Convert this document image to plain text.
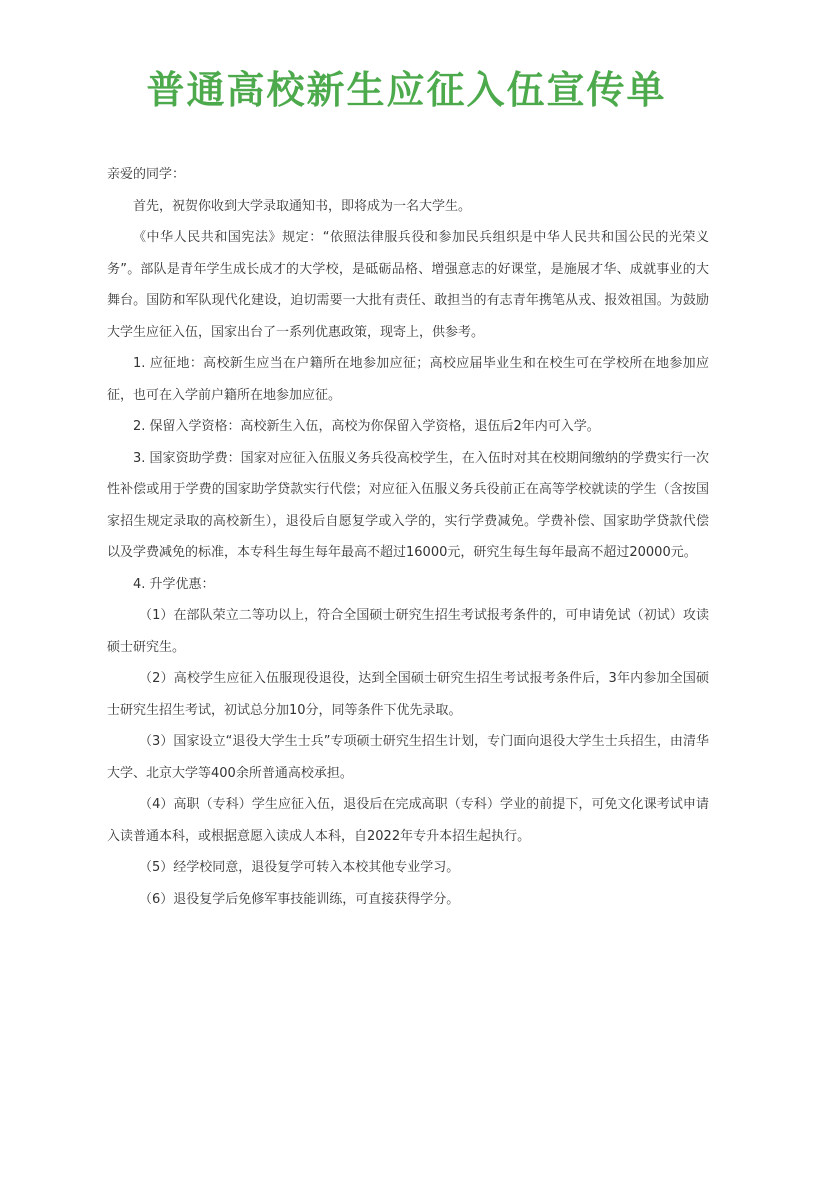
普通高校新生应征入伍宣传单

亲爱的同学：

首先，祝贺你收到大学录取通知书，即将成为一名大学生。

《中华人民共和国宪法》规定：“依照法律服兵役和参加民兵组织是中华人民共和国公民的光荣义务”。部队是青年学生成长成才的大学校，是砥砺品格、增强意志的好课堂，是施展才华、成就事业的大舞台。国防和军队现代化建设，迫切需要一大批有责任、敢担当的有志青年携笔从戎、报效祖国。为鼓励大学生应征入伍，国家出台了一系列优惠政策，现寄上，供参考。

1. 应征地：高校新生应当在户籍所在地参加应征；高校应届毕业生和在校生可在学校所在地参加应征，也可在入学前户籍所在地参加应征。

2. 保留入学资格：高校新生入伍，高校为你保留入学资格，退伍后2年内可入学。

3. 国家资助学费：国家对应征入伍服义务兵役高校学生，在入伍时对其在校期间缴纳的学费实行一次性补偿或用于学费的国家助学贷款实行代偿；对应征入伍服义务兵役前正在高等学校就读的学生（含按国家招生规定录取的高校新生），退役后自愿复学或入学的，实行学费减免。学费补偿、国家助学贷款代偿以及学费减免的标准，本专科生每生每年最高不超过16000元，研究生每生每年最高不超过20000元。

4. 升学优惠：

（1）在部队荣立二等功以上，符合全国硕士研究生招生考试报考条件的，可申请免试（初试）攻读硕士研究生。

（2）高校学生应征入伍服现役退役，达到全国硕士研究生招生考试报考条件后，3年内参加全国硕士研究生招生考试，初试总分加10分，同等条件下优先录取。

（3）国家设立“退役大学生士兵”专项硕士研究生招生计划，专门面向退役大学生士兵招生，由清华大学、北京大学等400余所普通高校承担。

（4）高职（专科）学生应征入伍，退役后在完成高职（专科）学业的前提下，可免文化课考试申请入读普通本科，或根据意愿入读成人本科，自2022年专升本招生起执行。

（5）经学校同意，退役复学可转入本校其他专业学习。

（6）退役复学后免修军事技能训练，可直接获得学分。
